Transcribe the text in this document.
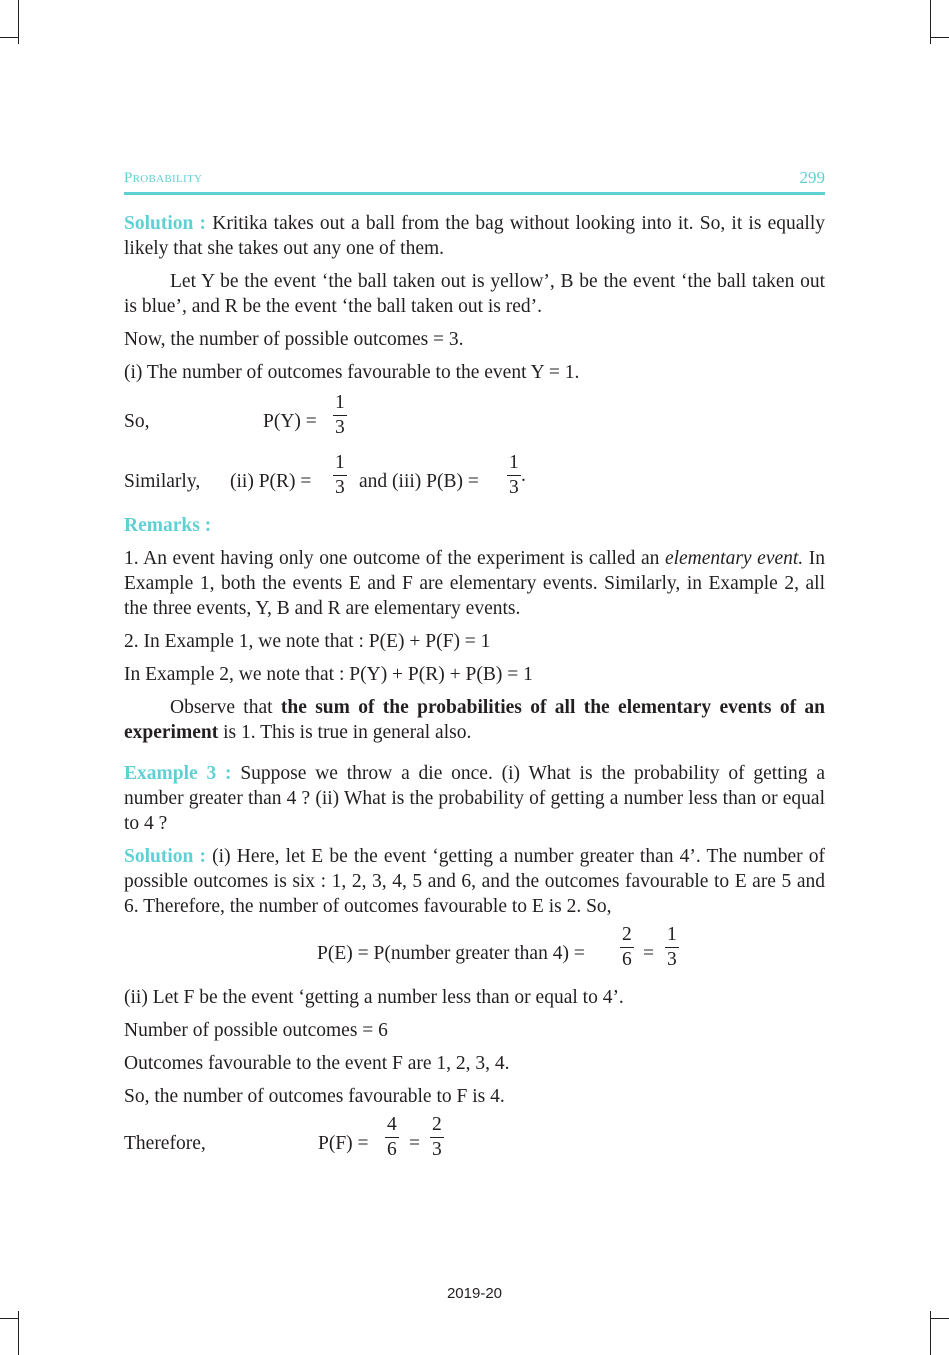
Probability	299

Solution : Kritika takes out a ball from the bag without looking into it. So, it is equally likely that she takes out any one of them.

Let Y be the event ‘the ball taken out is yellow’, B be the event ‘the ball taken out is blue’, and R be the event ‘the ball taken out is red’.

Now, the number of possible outcomes = 3.

(i) The number of outcomes favourable to the event Y = 1.

So,	$P(Y) = \frac{1}{3}$
Similarly, (ii) $P(R) = \frac{1}{3}$ and (iii) $P(B) = \frac{1}{3}$ .

Remarks :

1. An event having only one outcome of the experiment is called an elementary event. In Example 1, both the events E and F are elementary events. Similarly, in Example 2, all the three events, Y, B and R are elementary events.

2. In Example 1, we note that : P(E) + P(F) = 1

In Example 2, we note that : P(Y) + P(R) + P(B) = 1

Observe that the sum of the probabilities of all the elementary events of an experiment is 1. This is true in general also.

Example 3 : Suppose we throw a die once. (i) What is the probability of getting a number greater than 4 ? (ii) What is the probability of getting a number less than or equal to 4 ?

Solution : (i) Here, let E be the event ‘getting a number greater than 4’. The number of possible outcomes is six : 1, 2, 3, 4, 5 and 6, and the outcomes favourable to E are 5 and 6. Therefore, the number of outcomes favourable to E is 2. So,

P(E) = P(number greater than $4) = \frac{2}{6} = \frac{1}{3}$

(ii) Let F be the event ‘getting a number less than or equal to 4’.

Number of possible outcomes = 6

Outcomes favourable to the event F are 1, 2, 3, 4.

So, the number of outcomes favourable to F is 4.

Therefore,	$P(F) = \frac{4}{6} = \frac{2}{3}$
2019-20
